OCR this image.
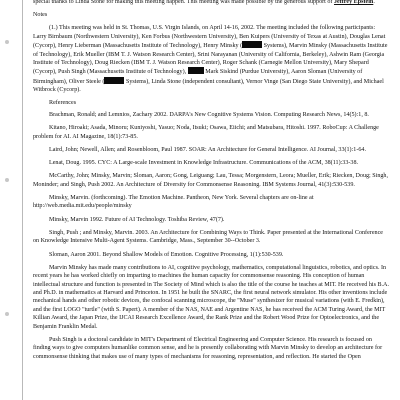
special thanks to Linda Stone for making this meeting happen. This meeting was made possible by the generous support of Jeffrey Epstein.

Notes

(1.) This meeting was held in St. Thomas, U.S. Virgin Islands, on April 14-16, 2002. The meeting included the following participants: Larry Birnbaum (Northwestern University), Ken Forbus (Northwestern University), Ben Kuipers (University of Texas at Austin), Douglas Lenat (Cycorp), Henry Lieberman (Massachusetts Institute of Technology), Henry Minsky (	Systems), Marvin Minsky (Massachusetts Institute of Technology), Erik Mueller (IBM T. J. Watson Research Center), Srini Narayanan (University of California, Berkeley), Ashwin Ram (Georgia Institute of Technology), Doug Riecken (IBM T. J. Watson Research Center), Roger Schank (Carnegie Mellon University), Mary Shepard (Cycorp), Push Singh (Massachusetts Institute of Technology),	Mark Siskind (Purdue University), Aaron Sloman (University of Birmingham), Oliver Steele (	Systems), Linda Stone (independent consultant), Vernor Vinge (San Diego State University), and Michael Witbrock (Cycorp).

References

Brachman, Ronald; and Lemnios, Zachary 2002. DARPA's New Cognitive Systems Vision. Computing Research News, 14(5):1, 8.

Kitano, Hiroaki; Asada, Minoru; Kuniyoshi, Yasuo; Noda, Itsuki; Osawa, Eiichi; and Matsubara, Hitoshi. 1997. RoboCup: A Challenge problem for AI. AI Magazine, 18(1):73-85.

Laird, John; Newell, Allen; and Rosenbloom, Paul 1987. SOAR: An Architecture for General Intelligence. AI Journal, 33(1):1-64.

Lenat, Doug. 1995. CYC: A Large-scale Investment in Knowledge Infrastructure. Communications of the ACM, 38(11):33-38.

McCarthy, John; Minsky, Marvin; Sloman, Aaron; Gong, Leiguang; Lau, Tessa; Morgenstern, Leora; Mueller, Erik; Riecken, Doug; Singh, Moninder; and Singh, Push 2002. An Architecture of Diversity for Commonsense Reasoning. IBM Systems Journal, 41(3):530-539.

Minsky, Marvin. (forthcoming). The Emotion Machine. Pantheon, New York. Several chapters are on-line at http://web.media.mit.edu/people/minsky

Minsky, Marvin 1992. Future of AI Technology. Toshiba Review, 47(7).

Singh, Push ; and Minsky, Marvin. 2003. An Architecture for Combining Ways to Think. Paper presented at the International Conference on Knowledge Intensive Multi-Agent Systems. Cambridge, Mass., September 30--October 3.

Sloman, Aaron 2001. Beyond Shallow Models of Emotion. Cognitive Processing, 1(1):530-539.

Marvin Minsky has made many contributions to AI, cognitive psychology, mathematics, computational linguistics, robotics, and optics. In recent years he has worked chiefly on imparting to machines the human capacity for commonsense reasoning. His conception of human intellectual structure and function is presented in The Society of Mind which is also the title of the course he teaches at MIT. He received his B.A. and Ph.D. in mathematics at Harvard and Princeton. In 1951 he built the SNARC, the first neural network simulator. His other inventions include mechanical hands and other robotic devices, the confocal scanning microscope, the "Muse" synthesizer for musical variations (with E. Fredkin), and the first LOGO "turtle" (with S. Papert). A member of the NAS, NAE and Argentine NAS, he has received the ACM Turing Award, the MIT Killian Award, the Japan Prize, the IJCAI Research Excellence Award, the Rank Prize and the Robert Wood Prize for Optoelectronics, and the Benjamin Franklin Medal.

Push Singh is a doctoral candidate in MIT's Department of Electrical Engineering and Computer Science. His research is focused on finding ways to give computers humanlike common sense, and he is presently collaborating with Marvin Minsky to develop an architecture for commonsense thinking that makes use of many types of mechanisms for reasoning, representation, and reflection. He started the Open
